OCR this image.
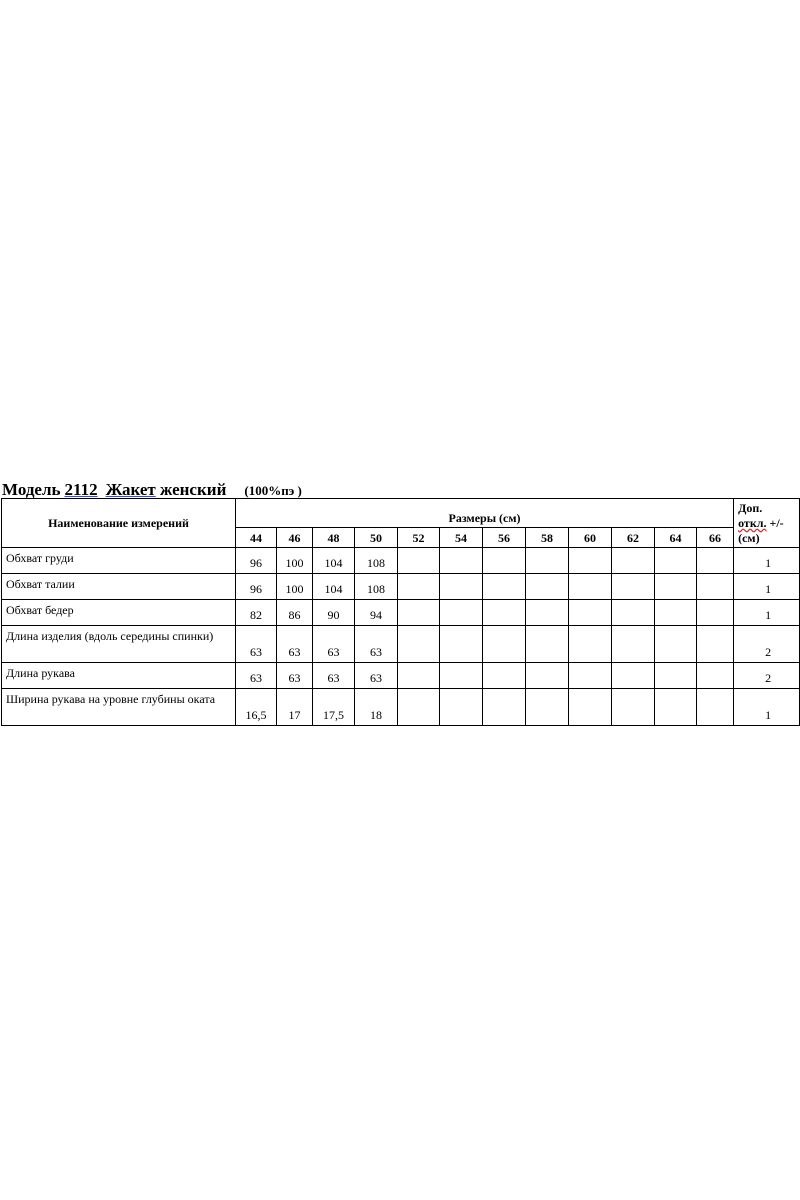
Модель 2112 Жакет женский (100%пэ )
Наименование измерений	Размеры (см)												Доп.
откл. +/-
(см)
	44	46	48	50	52	54	56	58	60	62	64	66	
Обхват груди	96	100	104	108									1
Обхват талии	96	100	104	108									1
Обхват бедер	82	86	90	94									1
Длина изделия (вдоль середины спинки)	63	63	63	63									2
Длина рукава	63	63	63	63									2
Ширина рукава на уровне глубины оката	16,5	17	17,5	18									1
